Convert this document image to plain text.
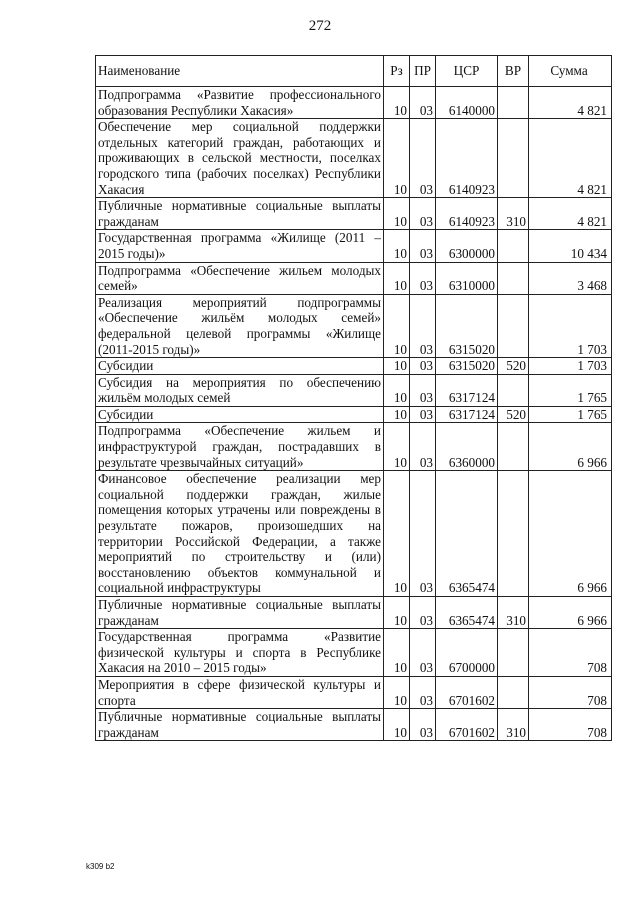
272
Наименование	Рз	ПР	ЦСР	ВР	Сумма
Подпрограмма «Развитие профессионального образования Республики Хакасия»	10	03	6140000		4 821
Обеспечение мер социальной поддержки отдельных категорий граждан, работающих и проживающих в сельской местности, поселках городского типа (рабочих поселках) Республики Хакасия	10	03	6140923		4 821
Публичные нормативные социальные выплаты гражданам	10	03	6140923	310	4 821
Государственная программа «Жилище (2011 – 2015 годы)»	10	03	6300000		10 434
Подпрограмма «Обеспечение жильем молодых семей»	10	03	6310000		3 468
Реализация мероприятий подпрограммы «Обеспечение жильём молодых семей» федеральной целевой программы «Жилище (2011-2015 годы)»	10	03	6315020		1 703
Субсидии	10	03	6315020	520	1 703
Субсидия на мероприятия по обеспечению жильём молодых семей	10	03	6317124		1 765
Субсидии	10	03	6317124	520	1 765
Подпрограмма «Обеспечение жильем и инфраструктурой граждан, пострадавших в результате чрезвычайных ситуаций»	10	03	6360000		6 966
Финансовое обеспечение реализации мер социальной поддержки граждан, жилые помещения которых утрачены или повреждены в результате пожаров, произошедших на территории Российской Федерации, а также мероприятий по строительству и (или) восстановлению объектов коммунальной и социальной инфраструктуры	10	03	6365474		6 966
Публичные нормативные социальные выплаты гражданам	10	03	6365474	310	6 966
Государственная программа «Развитие физической культуры и спорта в Республике Хакасия на 2010 – 2015 годы»	10	03	6700000		708
Мероприятия в сфере физической культуры и спорта	10	03	6701602		708
Публичные нормативные социальные выплаты гражданам	10	03	6701602	310	708
k309 b2
